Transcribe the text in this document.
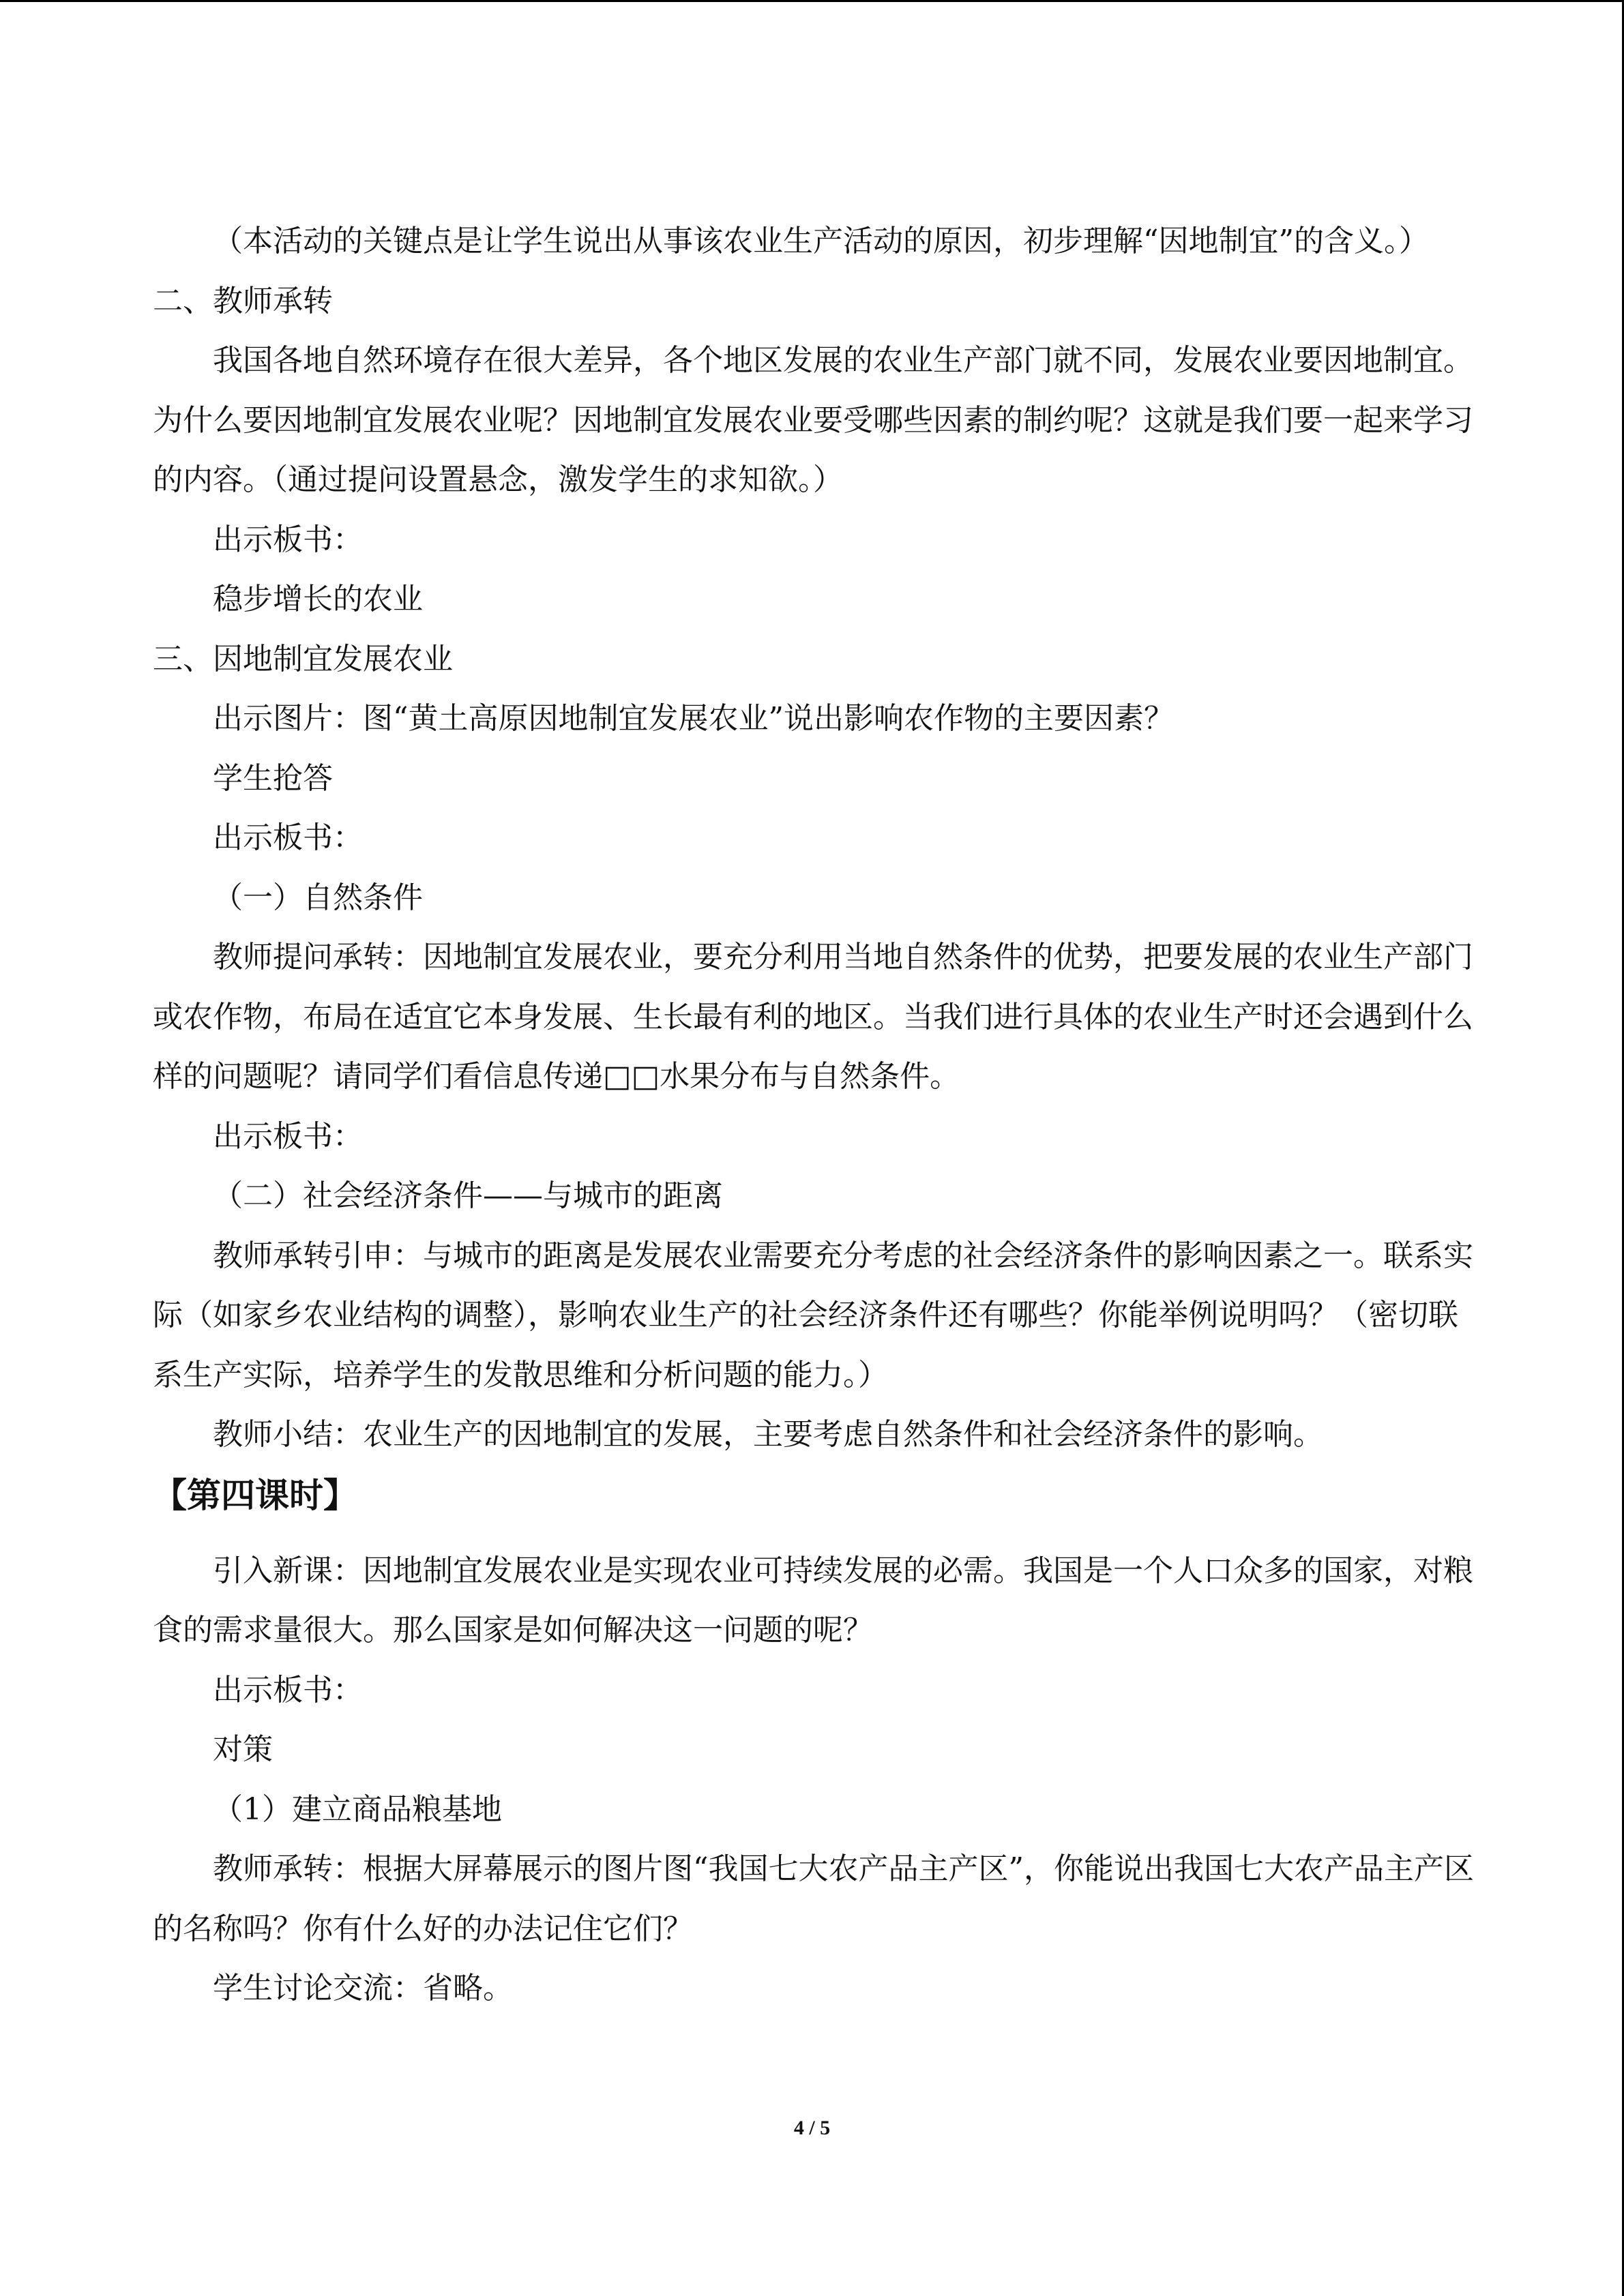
（本活动的关键点是让学生说出从事该农业生产活动的原因，初步理解“因地制宜”的含义。）

二、教师承转

我国各地自然环境存在很大差异，各个地区发展的农业生产部门就不同，发展农业要因地制宜。为什么要因地制宜发展农业呢？因地制宜发展农业要受哪些因素的制约呢？这就是我们要一起来学习的内容。（通过提问设置悬念，激发学生的求知欲。）

出示板书：

稳步增长的农业

三、因地制宜发展农业

出示图片：图“黄土高原因地制宜发展农业”说出影响农作物的主要因素？

学生抢答

出示板书：

（一）自然条件

教师提问承转：因地制宜发展农业，要充分利用当地自然条件的优势，把要发展的农业生产部门或农作物，布局在适宜它本身发展、生长最有利的地区。当我们进行具体的农业生产时还会遇到什么样的问题呢？请同学们看信息传递□□水果分布与自然条件。

出示板书：

（二）社会经济条件——与城市的距离

教师承转引申：与城市的距离是发展农业需要充分考虑的社会经济条件的影响因素之一。联系实际（如家乡农业结构的调整），影响农业生产的社会经济条件还有哪些？你能举例说明吗？（密切联系生产实际，培养学生的发散思维和分析问题的能力。）

教师小结：农业生产的因地制宜的发展，主要考虑自然条件和社会经济条件的影响。

【第四课时】

引入新课：因地制宜发展农业是实现农业可持续发展的必需。我国是一个人口众多的国家，对粮食的需求量很大。那么国家是如何解决这一问题的呢？

出示板书：

对策

（1）建立商品粮基地

教师承转：根据大屏幕展示的图片图“我国七大农产品主产区”，你能说出我国七大农产品主产区的名称吗？你有什么好的办法记住它们？

学生讨论交流：省略。

4 / 5
